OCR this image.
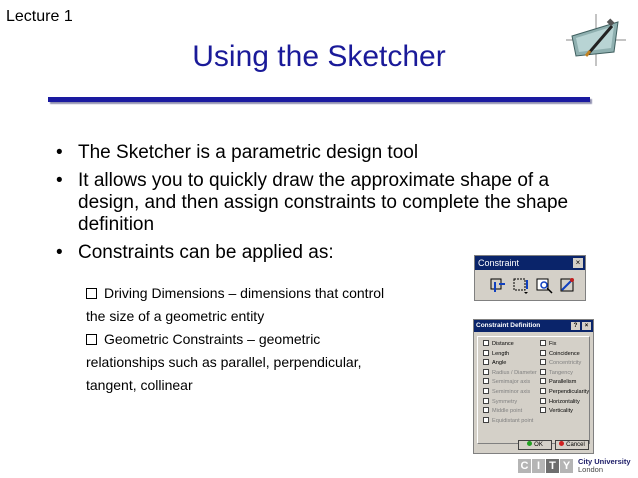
Lecture 1
Using the Sketcher
• The Sketcher is a parametric design tool
• It allows you to quickly draw the approximate shape of a design, and then assign constraints to complete the shape definition
• Constraints can be applied as:
Driving Dimensions – dimensions that control
the size of a geometric entity
Geometric Constraints – geometric
relationships such as parallel, perpendicular,
tangent, collinear
Constraint	×
Constraint Definition	?	×
Distance
Length
Angle
Radius / Diameter
Semimajor axis
Semiminor axis
Symmetry
Middle point
Equidistant point
Fix
Coincidence
Concentricity
Tangency
Parallelism
Perpendicularity
Horizontality
Verticality
OK	Cancel
C I T Y	City University
London
